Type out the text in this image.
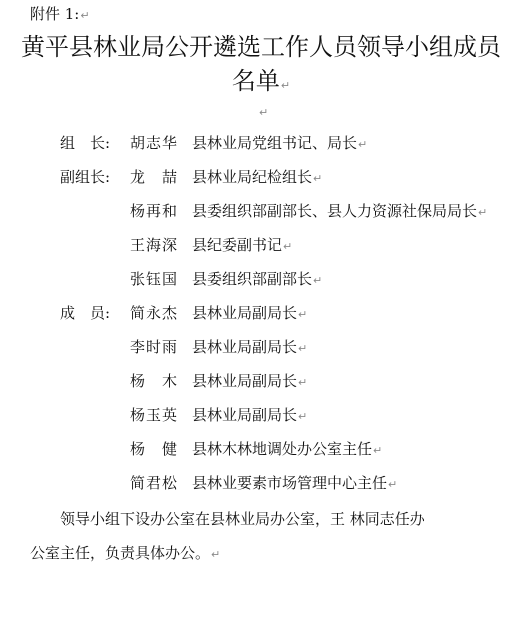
附件 1:↵
黄平县林业局公开遴选工作人员领导小组成员
名单↵
↵
组　长: 胡志华 县林业局党组书记、局长↵
副组长: 龙　喆 县林业局纪检组长↵
杨再和 县委组织部副部长、县人力资源社保局局长↵
王海深 县纪委副书记↵
张钰国 县委组织部副部长↵
成　员: 简永杰 县林业局副局长↵
李时雨 县林业局副局长↵
杨　木 县林业局副局长↵
杨玉英 县林业局副局长↵
杨　健 县林木林地调处办公室主任↵
简君松 县林业要素市场管理中心主任↵
领导小组下设办公室在县林业局办公室，王 林同志任办
公室主任，负责具体办公。↵
